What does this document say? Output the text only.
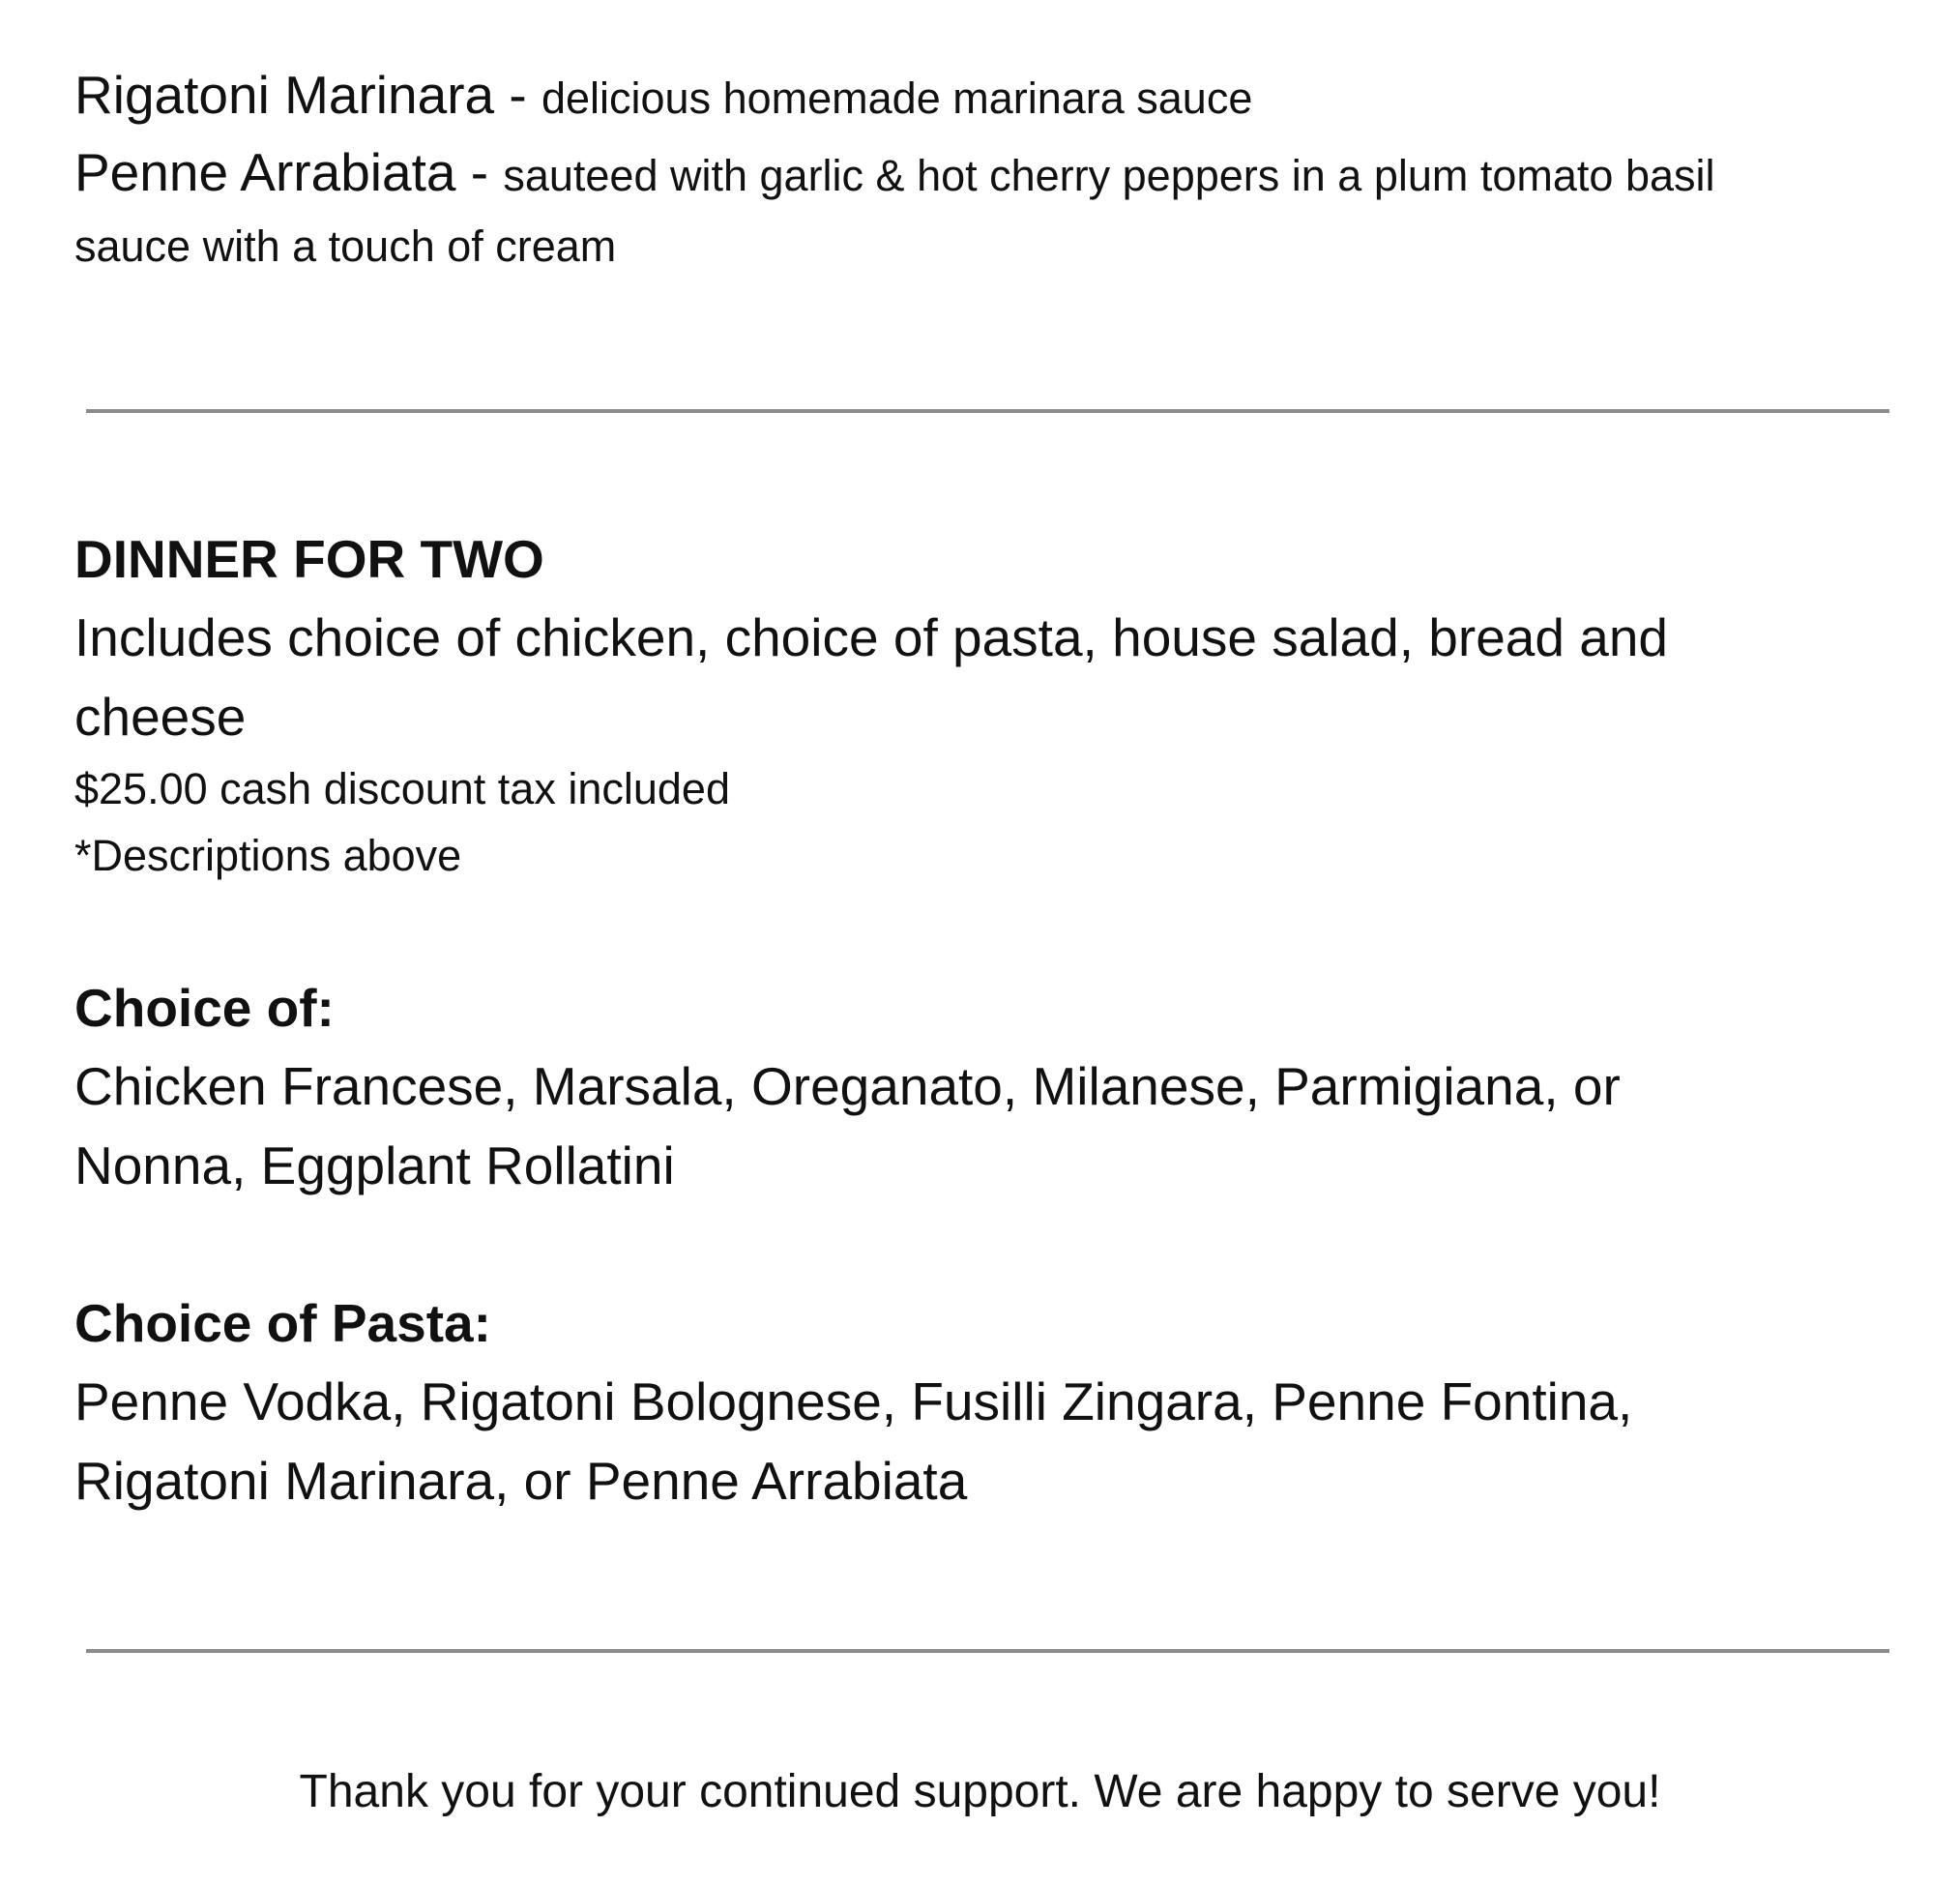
Rigatoni Marinara - delicious homemade marinara sauce
Penne Arrabiata - sauteed with garlic & hot cherry peppers in a plum tomato basil
sauce with a touch of cream
DINNER FOR TWO
Includes choice of chicken, choice of pasta, house salad, bread and
cheese
$25.00 cash discount tax included
*Descriptions above
Choice of:
Chicken Francese, Marsala, Oreganato, Milanese, Parmigiana, or
Nonna, Eggplant Rollatini
Choice of Pasta:
Penne Vodka, Rigatoni Bolognese, Fusilli Zingara, Penne Fontina,
Rigatoni Marinara, or Penne Arrabiata
Thank you for your continued support. We are happy to serve you!
